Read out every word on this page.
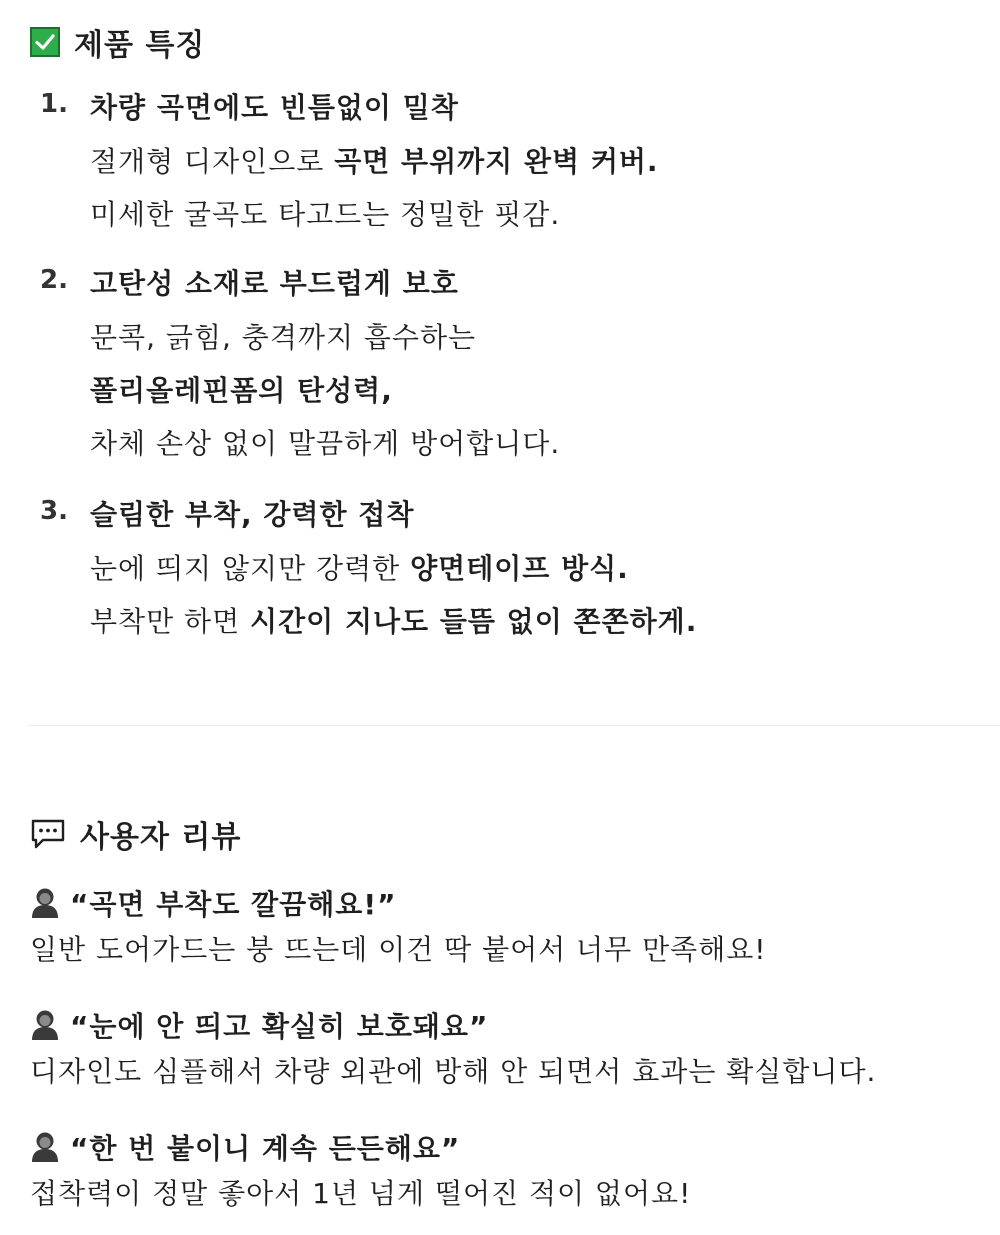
제품 특징
1. 차량 곡면에도 빈틈없이 밀착
절개형 디자인으로 곡면 부위까지 완벽 커버.
미세한 굴곡도 타고드는 정밀한 핏감.
2. 고탄성 소재로 부드럽게 보호
문콕, 긁힘, 충격까지 흡수하는
폴리올레핀폼의 탄성력,
차체 손상 없이 말끔하게 방어합니다.
3. 슬림한 부착, 강력한 접착
눈에 띄지 않지만 강력한 양면테이프 방식.
부착만 하면 시간이 지나도 들뜸 없이 쫀쫀하게.
사용자 리뷰
“곡면 부착도 깔끔해요!”
일반 도어가드는 붕 뜨는데 이건 딱 붙어서 너무 만족해요!
“눈에 안 띄고 확실히 보호돼요”
디자인도 심플해서 차량 외관에 방해 안 되면서 효과는 확실합니다.
“한 번 붙이니 계속 든든해요”
접착력이 정말 좋아서 1년 넘게 떨어진 적이 없어요!
